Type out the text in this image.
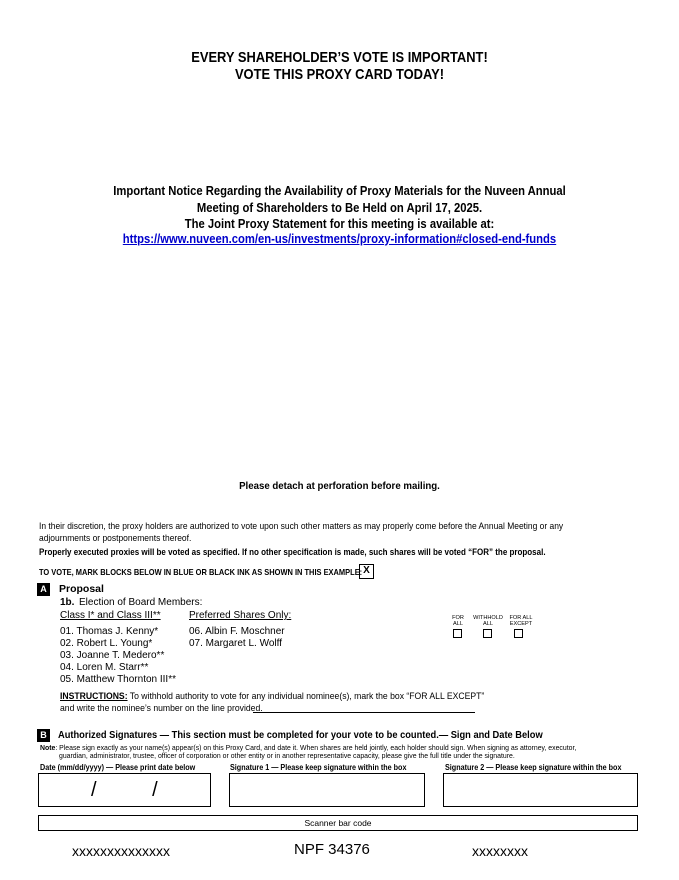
EVERY SHAREHOLDER’S VOTE IS IMPORTANT!
VOTE THIS PROXY CARD TODAY!
Important Notice Regarding the Availability of Proxy Materials for the Nuveen Annual
Meeting of Shareholders to Be Held on April 17, 2025.
The Joint Proxy Statement for this meeting is available at:
https://www.nuveen.com/en-us/investments/proxy-information#closed-end-funds
Please detach at perforation before mailing.
In their discretion, the proxy holders are authorized to vote upon such other matters as may properly come before the Annual Meeting or any
adjournments or postponements thereof.
Properly executed proxies will be voted as specified. If no other specification is made, such shares will be voted “FOR” the proposal.
TO VOTE, MARK BLOCKS BELOW IN BLUE OR BLACK INK AS SHOWN IN THIS EXAMPLE: X
A	Proposal
1b. Election of Board Members:
Class I* and Class III**	Preferred Shares Only:
01. Thomas J. Kenny*
02. Robert L. Young*
03. Joanne T. Medero**
04. Loren M. Starr**
05. Matthew Thornton III**
06. Albin F. Moschner
07. Margaret L. Wolff
FOR
ALL
WITHHOLD
ALL
FOR ALL
EXCEPT
INSTRUCTIONS: To withhold authority to vote for any individual nominee(s), mark the box “FOR ALL EXCEPT”
and write the nominee’s number on the line provided.
B	Authorized Signatures — This section must be completed for your vote to be counted.— Sign and Date Below
Note: Please sign exactly as your name(s) appear(s) on this Proxy Card, and date it. When shares are held jointly, each holder should sign. When signing as attorney, executor,
guardian, administrator, trustee, officer of corporation or other entity or in another representative capacity, please give the full title under the signature.
Date (mm/dd/yyyy) — Please print date below	Signature 1 — Please keep signature within the box	Signature 2 — Please keep signature within the box
/          /
Scanner bar code
xxxxxxxxxxxxxx	NPF 34376	xxxxxxxx
